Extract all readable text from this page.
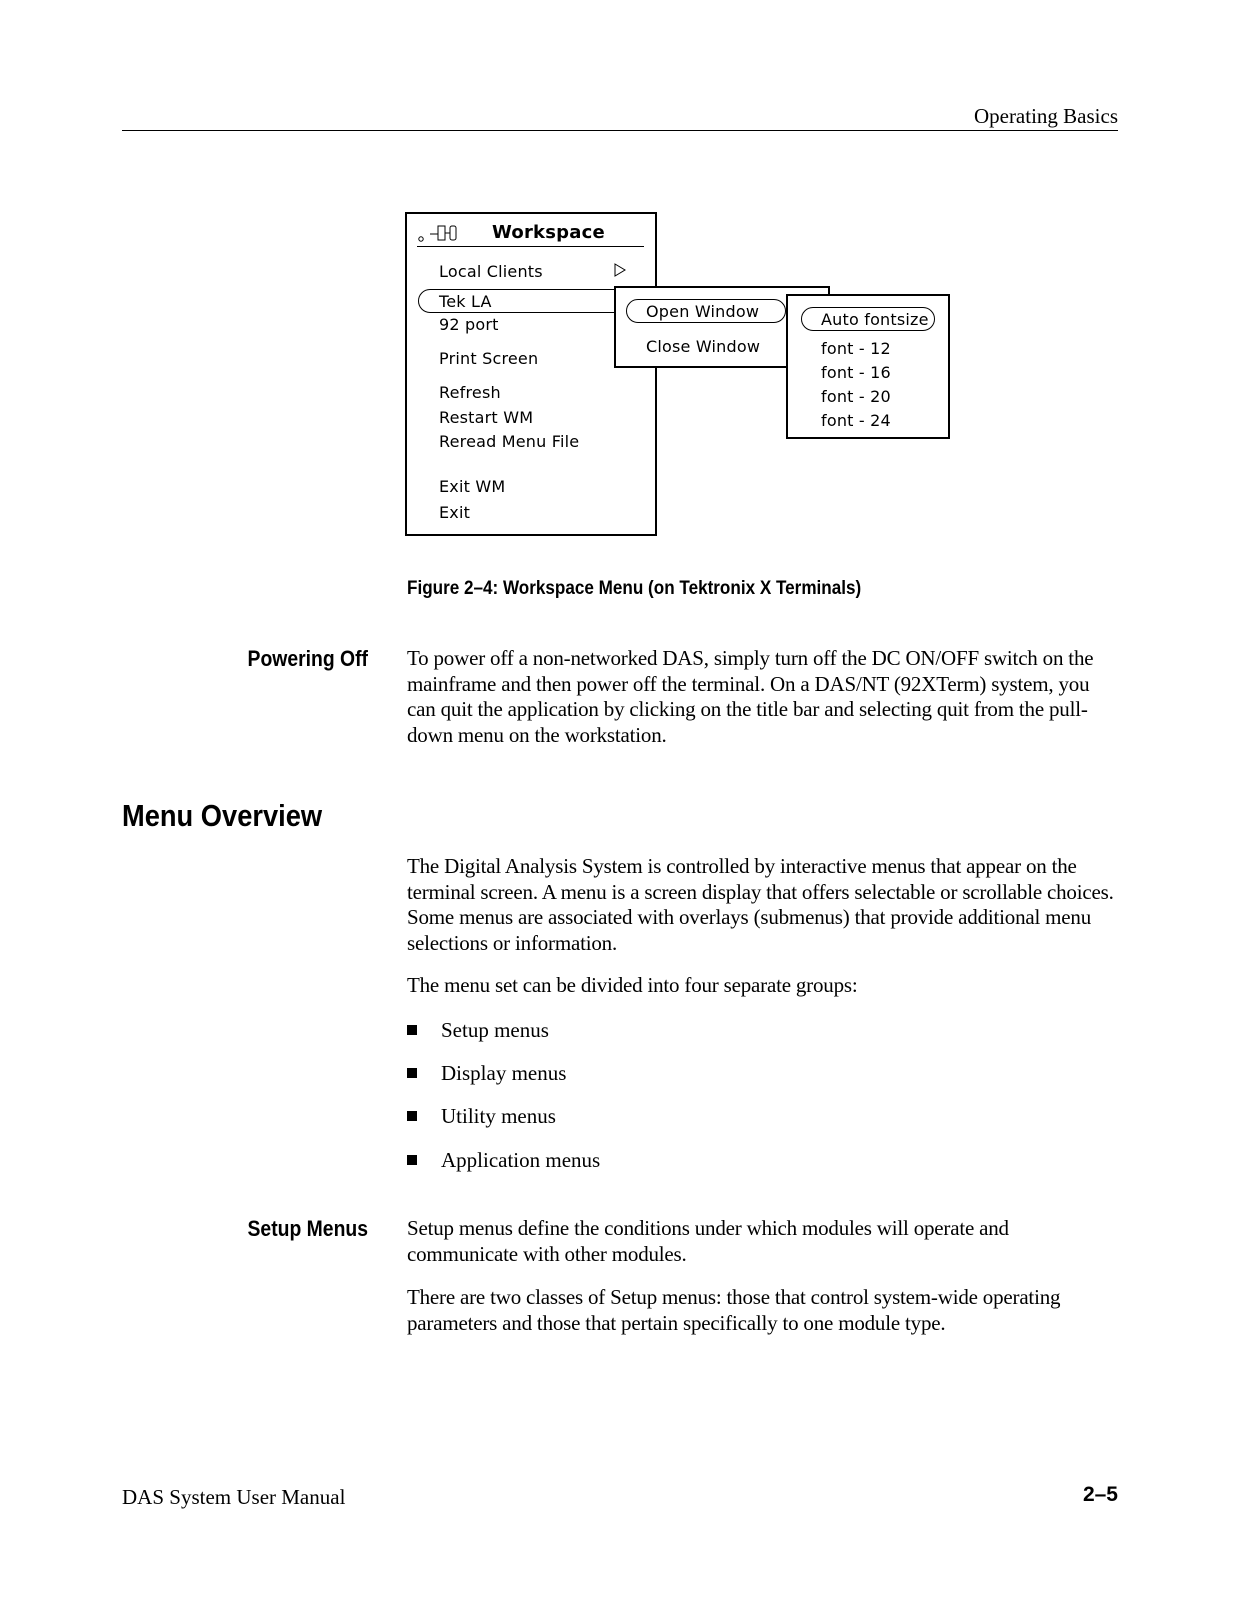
Operating Basics
Workspace
Local Clients
Tek LA
92 port
Print Screen
Refresh
Restart WM
Reread Menu File
Exit WM
Exit
Open Window
Close Window
Auto fontsize
font - 12
font - 16
font - 20
font - 24
Figure 2–4: Workspace Menu (on Tektronix X Terminals)
Powering Off To power off a non-networked DAS, simply turn off the DC ON/OFF switch on the mainframe and then power off the terminal. On a DAS/NT (92XTerm) system, you can quit the application by clicking on the title bar and selecting quit from the pull-down menu on the workstation.
Menu Overview
The Digital Analysis System is controlled by interactive menus that appear on the terminal screen. A menu is a screen display that offers selectable or scrollable choices. Some menus are associated with overlays (submenus) that provide additional menu selections or information.
The menu set can be divided into four separate groups:
Setup menus
Display menus
Utility menus
Application menus
Setup Menus Setup menus define the conditions under which modules will operate and communicate with other modules.
There are two classes of Setup menus: those that control system-wide operating parameters and those that pertain specifically to one module type.
DAS System User Manual	2–5
